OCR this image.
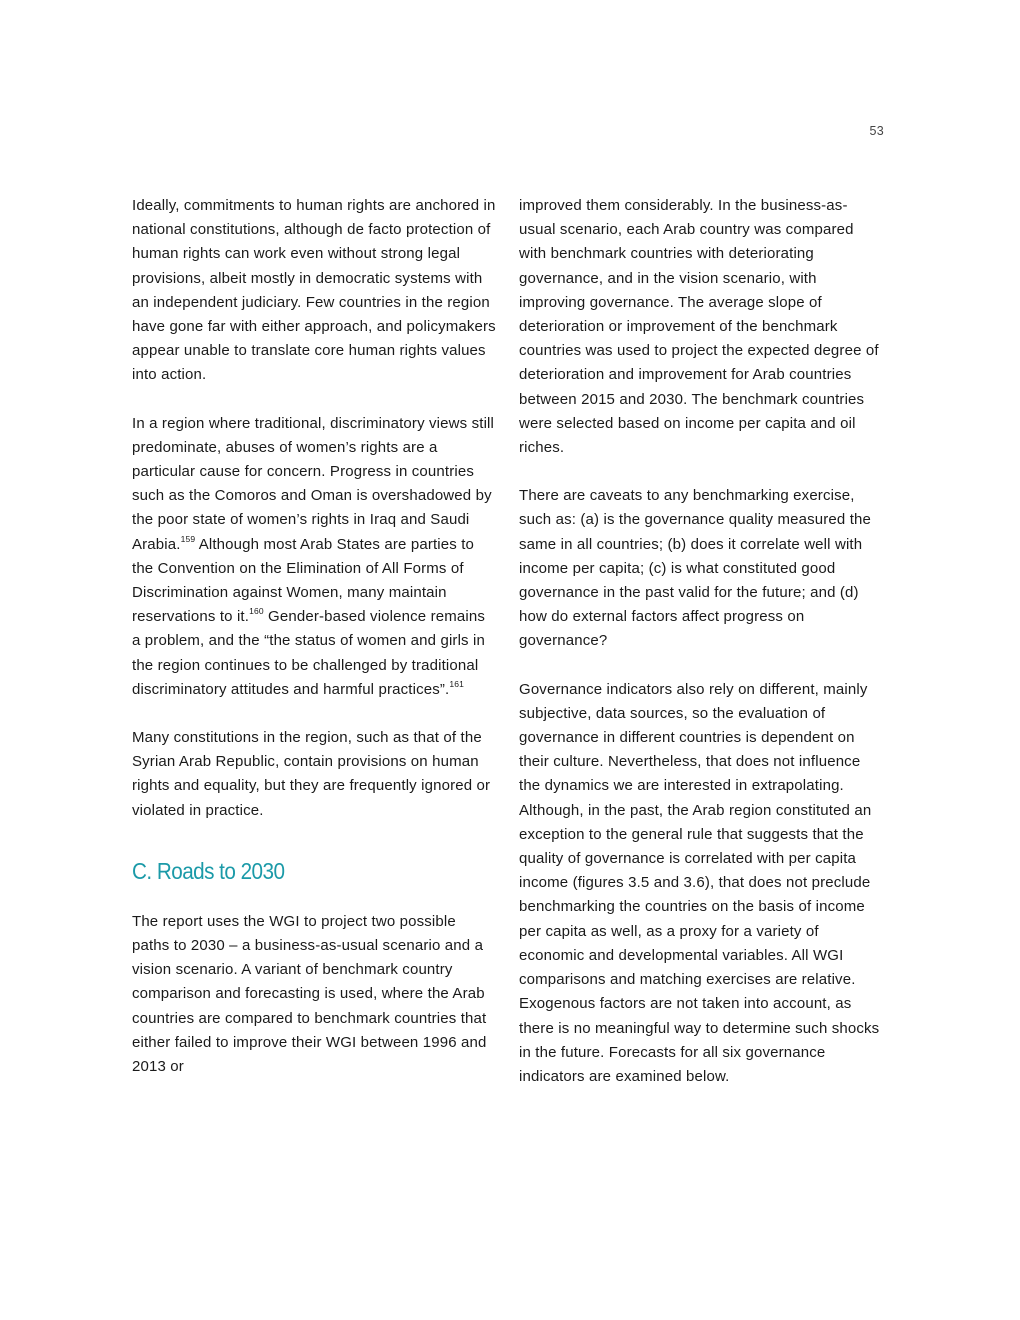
53

Ideally, commitments to human rights are anchored in national constitutions, although de facto protection of human rights can work even without strong legal provisions, albeit mostly in democratic systems with an independent judiciary. Few countries in the region have gone far with either approach, and policymakers appear unable to translate core human rights values into action.

In a region where traditional, discriminatory views still predominate, abuses of women’s rights are a particular cause for concern. Progress in countries such as the Comoros and Oman is overshadowed by the poor state of women’s rights in Iraq and Saudi Arabia.$^{159}$ Although most Arab States are parties to the Convention on the Elimination of All Forms of Discrimination against Women, many maintain reservations to it.$^{160}$ Gender-based violence remains a problem, and the “the status of women and girls in the region continues to be challenged by traditional discriminatory attitudes and harmful practices”.$^{161}$

Many constitutions in the region, such as that of the Syrian Arab Republic, contain provisions on human rights and equality, but they are frequently ignored or violated in practice.

C. Roads to 2030

The report uses the WGI to project two possible paths to 2030 – a business-as-usual scenario and a vision scenario. A variant of benchmark country comparison and forecasting is used, where the Arab countries are compared to benchmark countries that either failed to improve their WGI between 1996 and 2013 or

improved them considerably. In the business-as-usual scenario, each Arab country was compared with benchmark countries with deteriorating governance, and in the vision scenario, with improving governance. The average slope of deterioration or improvement of the benchmark countries was used to project the expected degree of deterioration and improvement for Arab countries between 2015 and 2030. The benchmark countries were selected based on income per capita and oil riches.

There are caveats to any benchmarking exercise, such as: (a) is the governance quality measured the same in all countries; (b) does it correlate well with income per capita; (c) is what constituted good governance in the past valid for the future; and (d) how do external factors affect progress on governance?

Governance indicators also rely on different, mainly subjective, data sources, so the evaluation of governance in different countries is dependent on their culture. Nevertheless, that does not influence the dynamics we are interested in extrapolating. Although, in the past, the Arab region constituted an exception to the general rule that suggests that the quality of governance is correlated with per capita income (figures 3.5 and 3.6), that does not preclude benchmarking the countries on the basis of income per capita as well, as a proxy for a variety of economic and developmental variables. All WGI comparisons and matching exercises are relative. Exogenous factors are not taken into account, as there is no meaningful way to determine such shocks in the future. Forecasts for all six governance indicators are examined below.
